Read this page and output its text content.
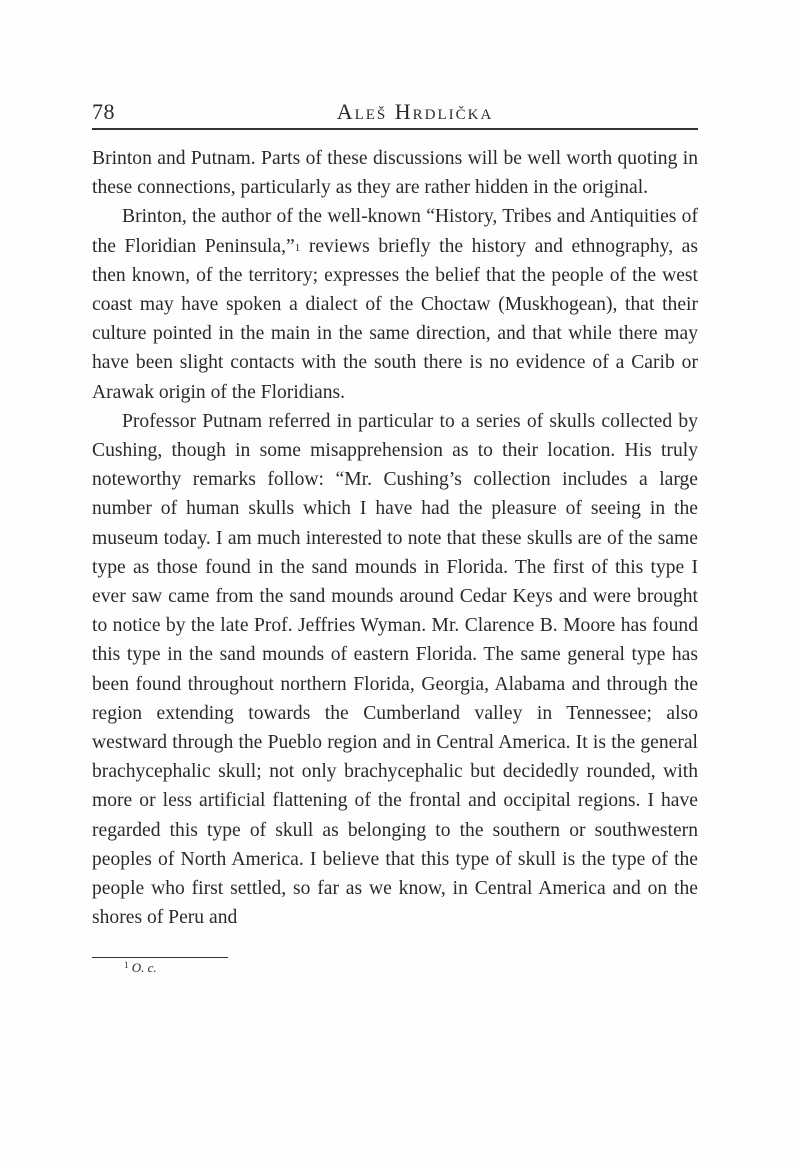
78	Aleš Hrdlička

Brinton and Putnam. Parts of these discussions will be well worth quoting in these connections, particularly as they are rather hidden in the original.

Brinton, the author of the well-known “History, Tribes and Antiquities of the Floridian Peninsula,”$^1$ reviews briefly the history and ethnography, as then known, of the territory; expresses the belief that the people of the west coast may have spoken a dialect of the Choctaw (Muskhogean), that their culture pointed in the main in the same direction, and that while there may have been slight contacts with the south there is no evidence of a Carib or Arawak origin of the Floridians.

Professor Putnam referred in particular to a series of skulls collected by Cushing, though in some misapprehension as to their location. His truly noteworthy remarks follow: “Mr. Cushing’s collection includes a large number of human skulls which I have had the pleasure of seeing in the museum today. I am much interested to note that these skulls are of the same type as those found in the sand mounds in Florida. The first of this type I ever saw came from the sand mounds around Cedar Keys and were brought to notice by the late Prof. Jeffries Wyman. Mr. Clarence B. Moore has found this type in the sand mounds of eastern Florida. The same general type has been found throughout northern Florida, Georgia, Alabama and through the region extending towards the Cumberland valley in Tennessee; also westward through the Pueblo region and in Central America. It is the general brachycephalic skull; not only brachycephalic but decidedly rounded, with more or less artificial flattening of the frontal and occipital regions. I have regarded this type of skull as belonging to the southern or southwestern peoples of North America. I believe that this type of skull is the type of the people who first settled, so far as we know, in Central America and on the shores of Peru and

$^1$ O. c.
